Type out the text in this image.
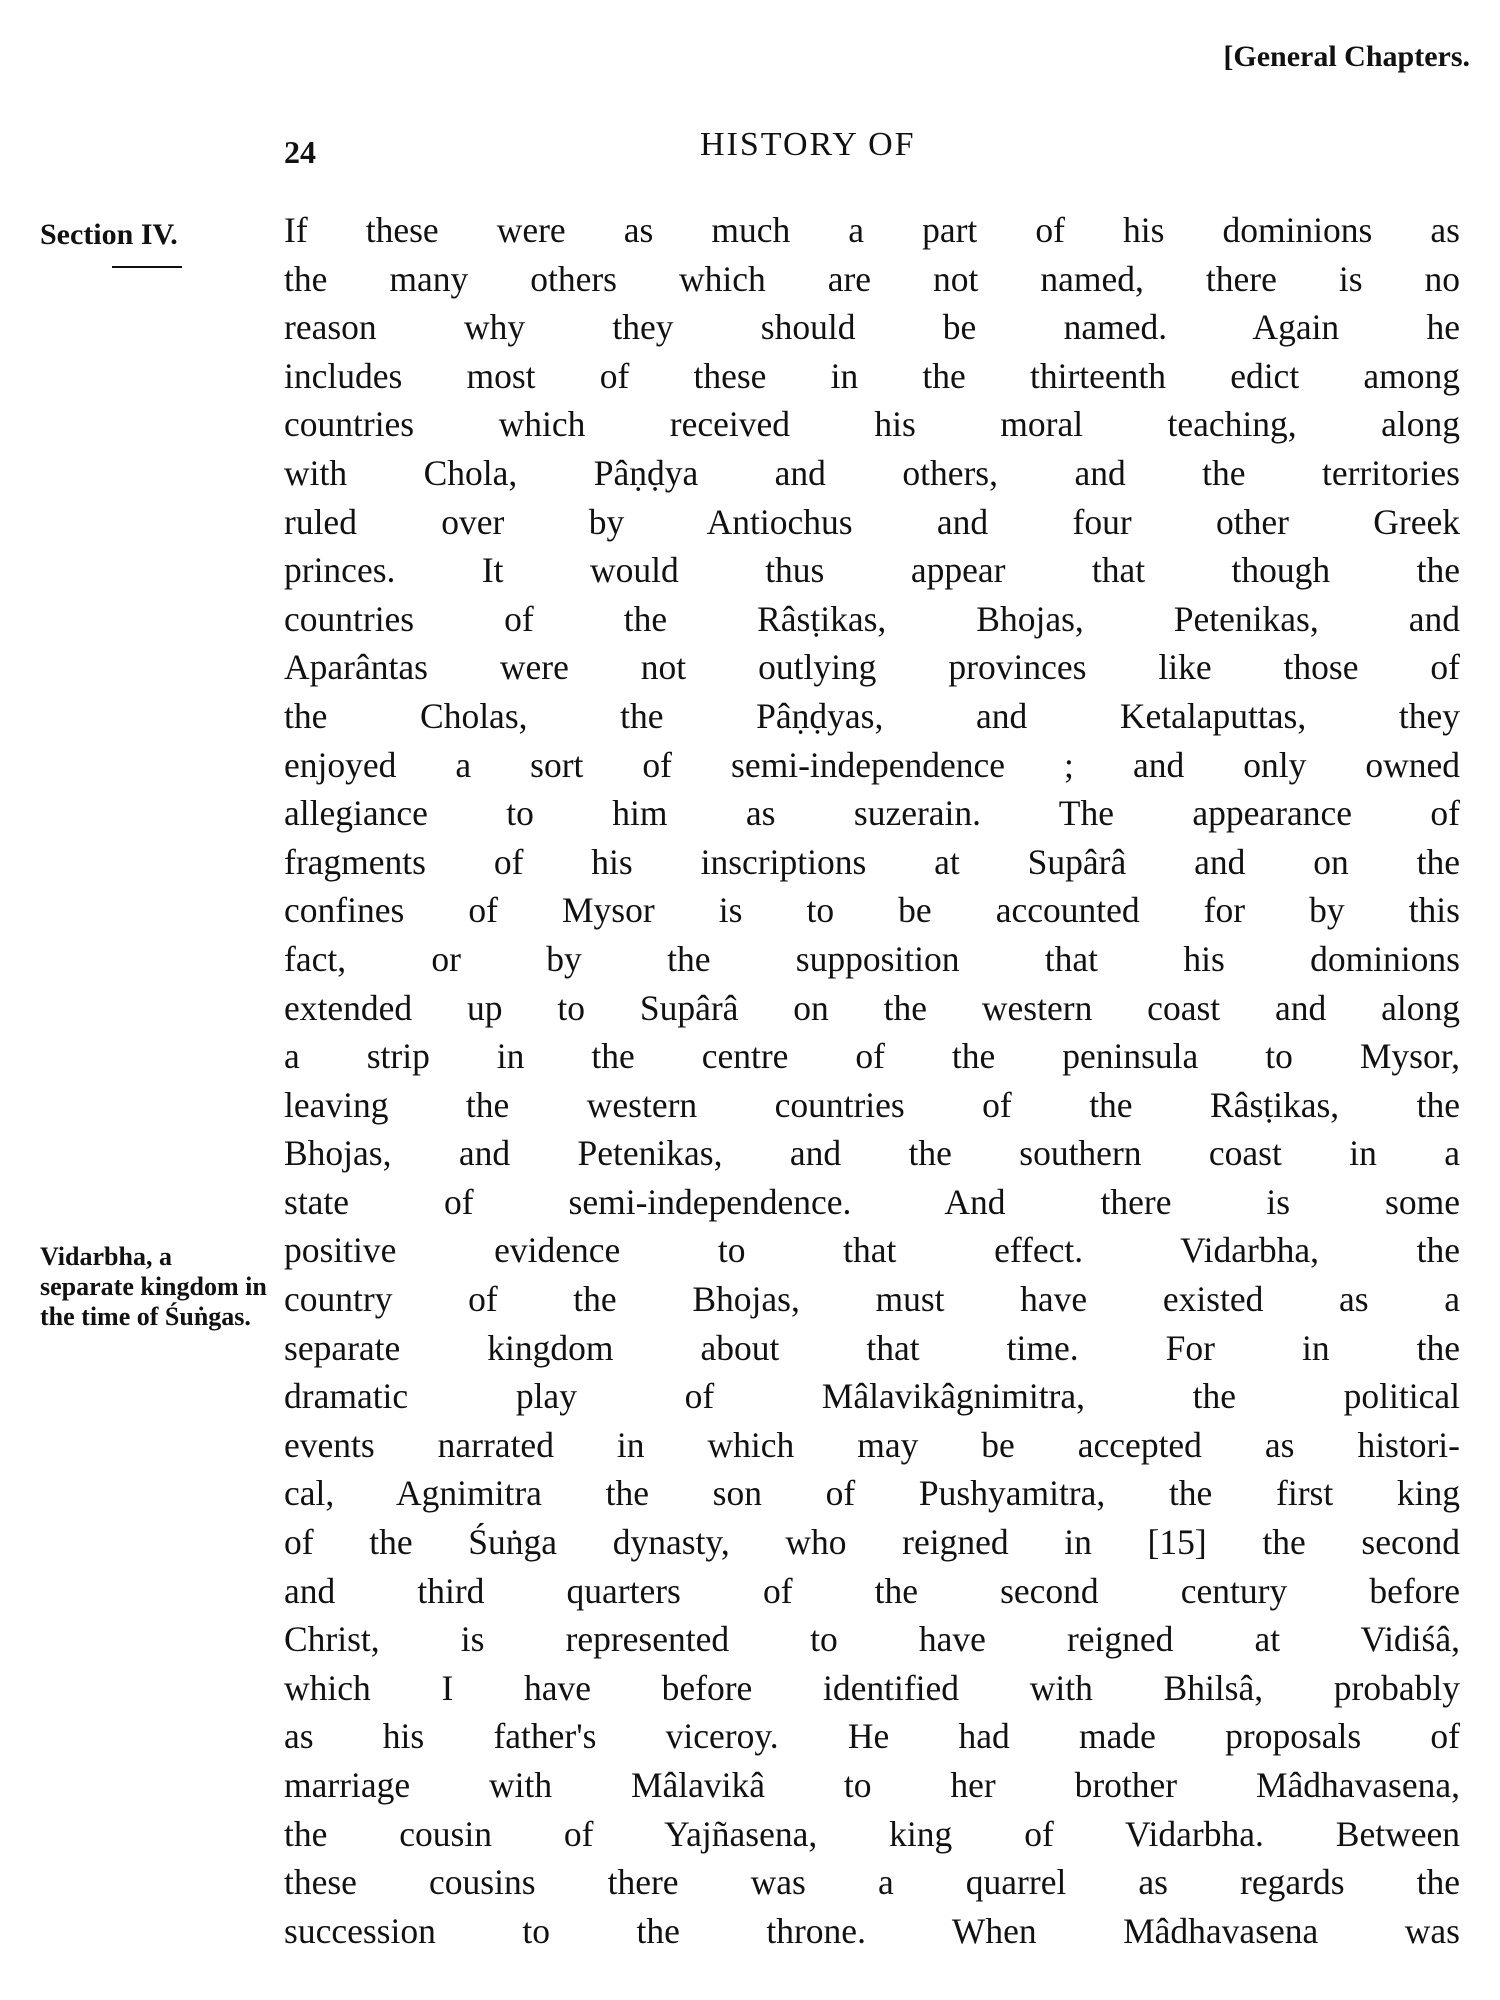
[General Chapters.
24	HISTORY OF
Section IV.
Vidarbha, a separate kingdom in the time of Śuṅgas.
If these were as much a part of his dominions as
the many others which are not named, there is no
reason why they should be named. Again he
includes most of these in the thirteenth edict among
countries which received his moral teaching, along
with Chola, Pâṇḍya and others, and the territories
ruled over by Antiochus and four other Greek
princes. It would thus appear that though the
countries of the Râsṭikas, Bhojas, Petenikas, and
Aparântas were not outlying provinces like those of
the Cholas, the Pâṇḍyas, and Ketalaputtas, they
enjoyed a sort of semi-independence ; and only owned
allegiance to him as suzerain. The appearance of
fragments of his inscriptions at Supârâ and on the
confines of Mysor is to be accounted for by this
fact, or by the supposition that his dominions
extended up to Supârâ on the western coast and along
a strip in the centre of the peninsula to Mysor,
leaving the western countries of the Râsṭikas, the
Bhojas, and Petenikas, and the southern coast in a
state of semi-independence. And there is some
positive evidence to that effect. Vidarbha, the
country of the Bhojas, must have existed as a
separate kingdom about that time. For in the
dramatic play of Mâlavikâgnimitra, the political
events narrated in which may be accepted as histori-
cal, Agnimitra the son of Pushyamitra, the first king
of the Śuṅga dynasty, who reigned in [15] the second
and third quarters of the second century before
Christ, is represented to have reigned at Vidiśâ,
which I have before identified with Bhilsâ, probably
as his father's viceroy. He had made proposals of
marriage with Mâlavikâ to her brother Mâdhavasena,
the cousin of Yajñasena, king of Vidarbha. Between
these cousins there was a quarrel as regards the
succession to the throne. When Mâdhavasena was
